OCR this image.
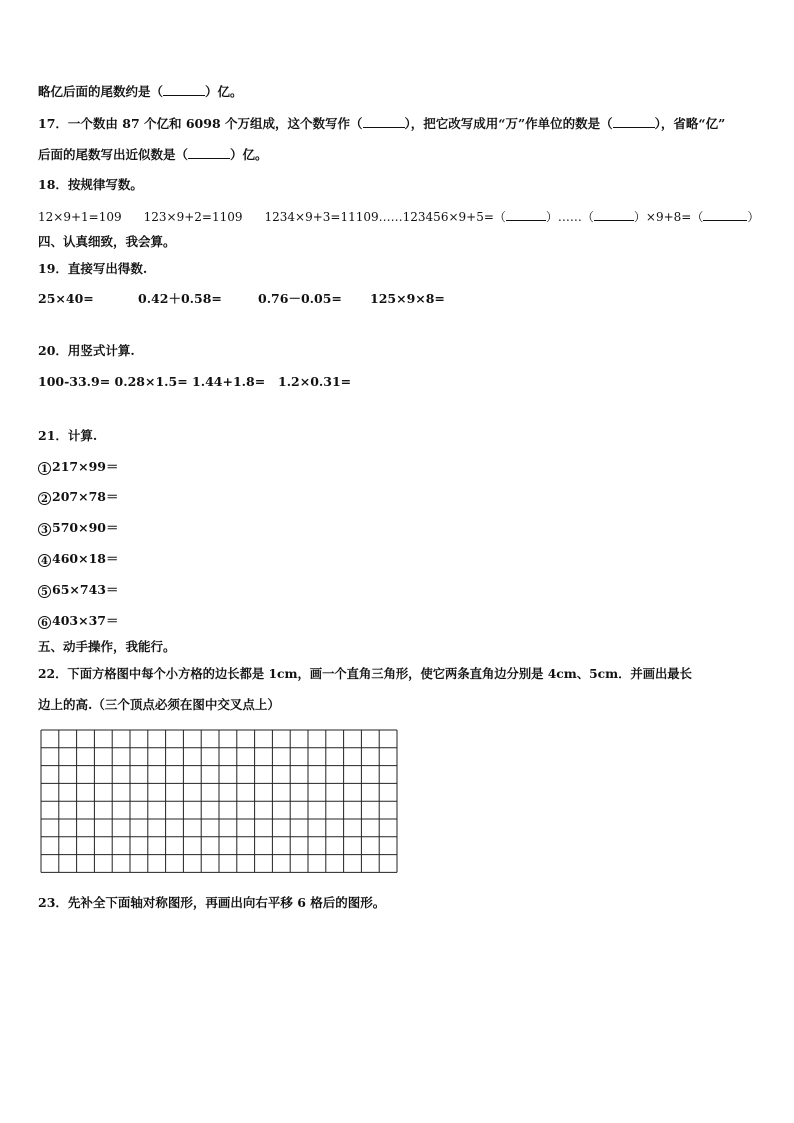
略亿后面的尾数约是（	）亿。
17．一个数由 87 个亿和 6098 个万组成，这个数写作（	），把它改写成用“万”作单位的数是（	），省略“亿”
后面的尾数写出近似数是（	）亿。
18．按规律写数。
12×9+1=109 123×9+2=1109 1234×9+3=11109……123456×9+5=（	）……（	）×9+8=（	）
四、认真细致，我会算。
19．直接写出得数.
25×40=	0.42＋0.58=	0.76－0.05= 125×9×8=
20．用竖式计算.
100-33.9= 0.28×1.5= 1.44+1.8= 1.2×0.31=
21．计算.
1 217×99＝
2 207×78＝
3 570×90＝
4 460×18＝
5 65×743＝
6 403×37＝
五、动手操作，我能行。
22．下面方格图中每个小方格的边长都是 1cm，画一个直角三角形，使它两条直角边分别是 4cm、5cm．并画出最长
边上的高.（三个顶点必须在图中交叉点上）
23．先补全下面轴对称图形，再画出向右平移 6 格后的图形。
